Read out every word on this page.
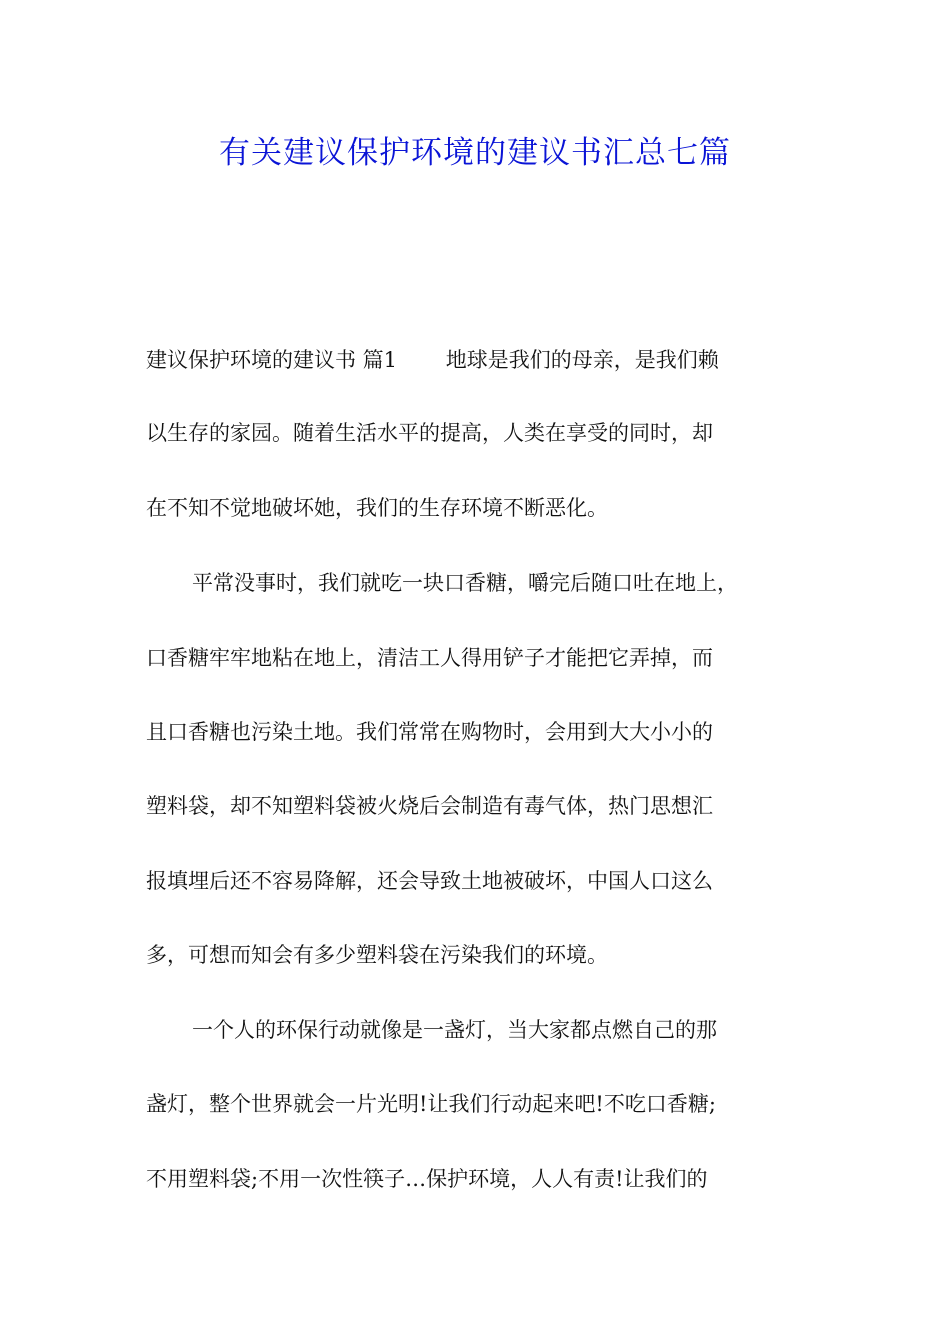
有关建议保护环境的建议书汇总七篇

建议保护环境的建议书 篇1 　　地球是我们的母亲，是我们赖

以生存的家园。随着生活水平的提高，人类在享受的同时，却

在不知不觉地破坏她，我们的生存环境不断恶化。

平常没事时，我们就吃一块口香糖，嚼完后随口吐在地上，

口香糖牢牢地粘在地上，清洁工人得用铲子才能把它弄掉，而

且口香糖也污染土地。我们常常在购物时，会用到大大小小的

塑料袋，却不知塑料袋被火烧后会制造有毒气体，热门思想汇

报填埋后还不容易降解，还会导致土地被破坏，中国人口这么

多，可想而知会有多少塑料袋在污染我们的环境。

一个人的环保行动就像是一盏灯，当大家都点燃自己的那

盏灯，整个世界就会一片光明!让我们行动起来吧!不吃口香糖;

不用塑料袋;不用一次性筷子…保护环境，人人有责!让我们的
